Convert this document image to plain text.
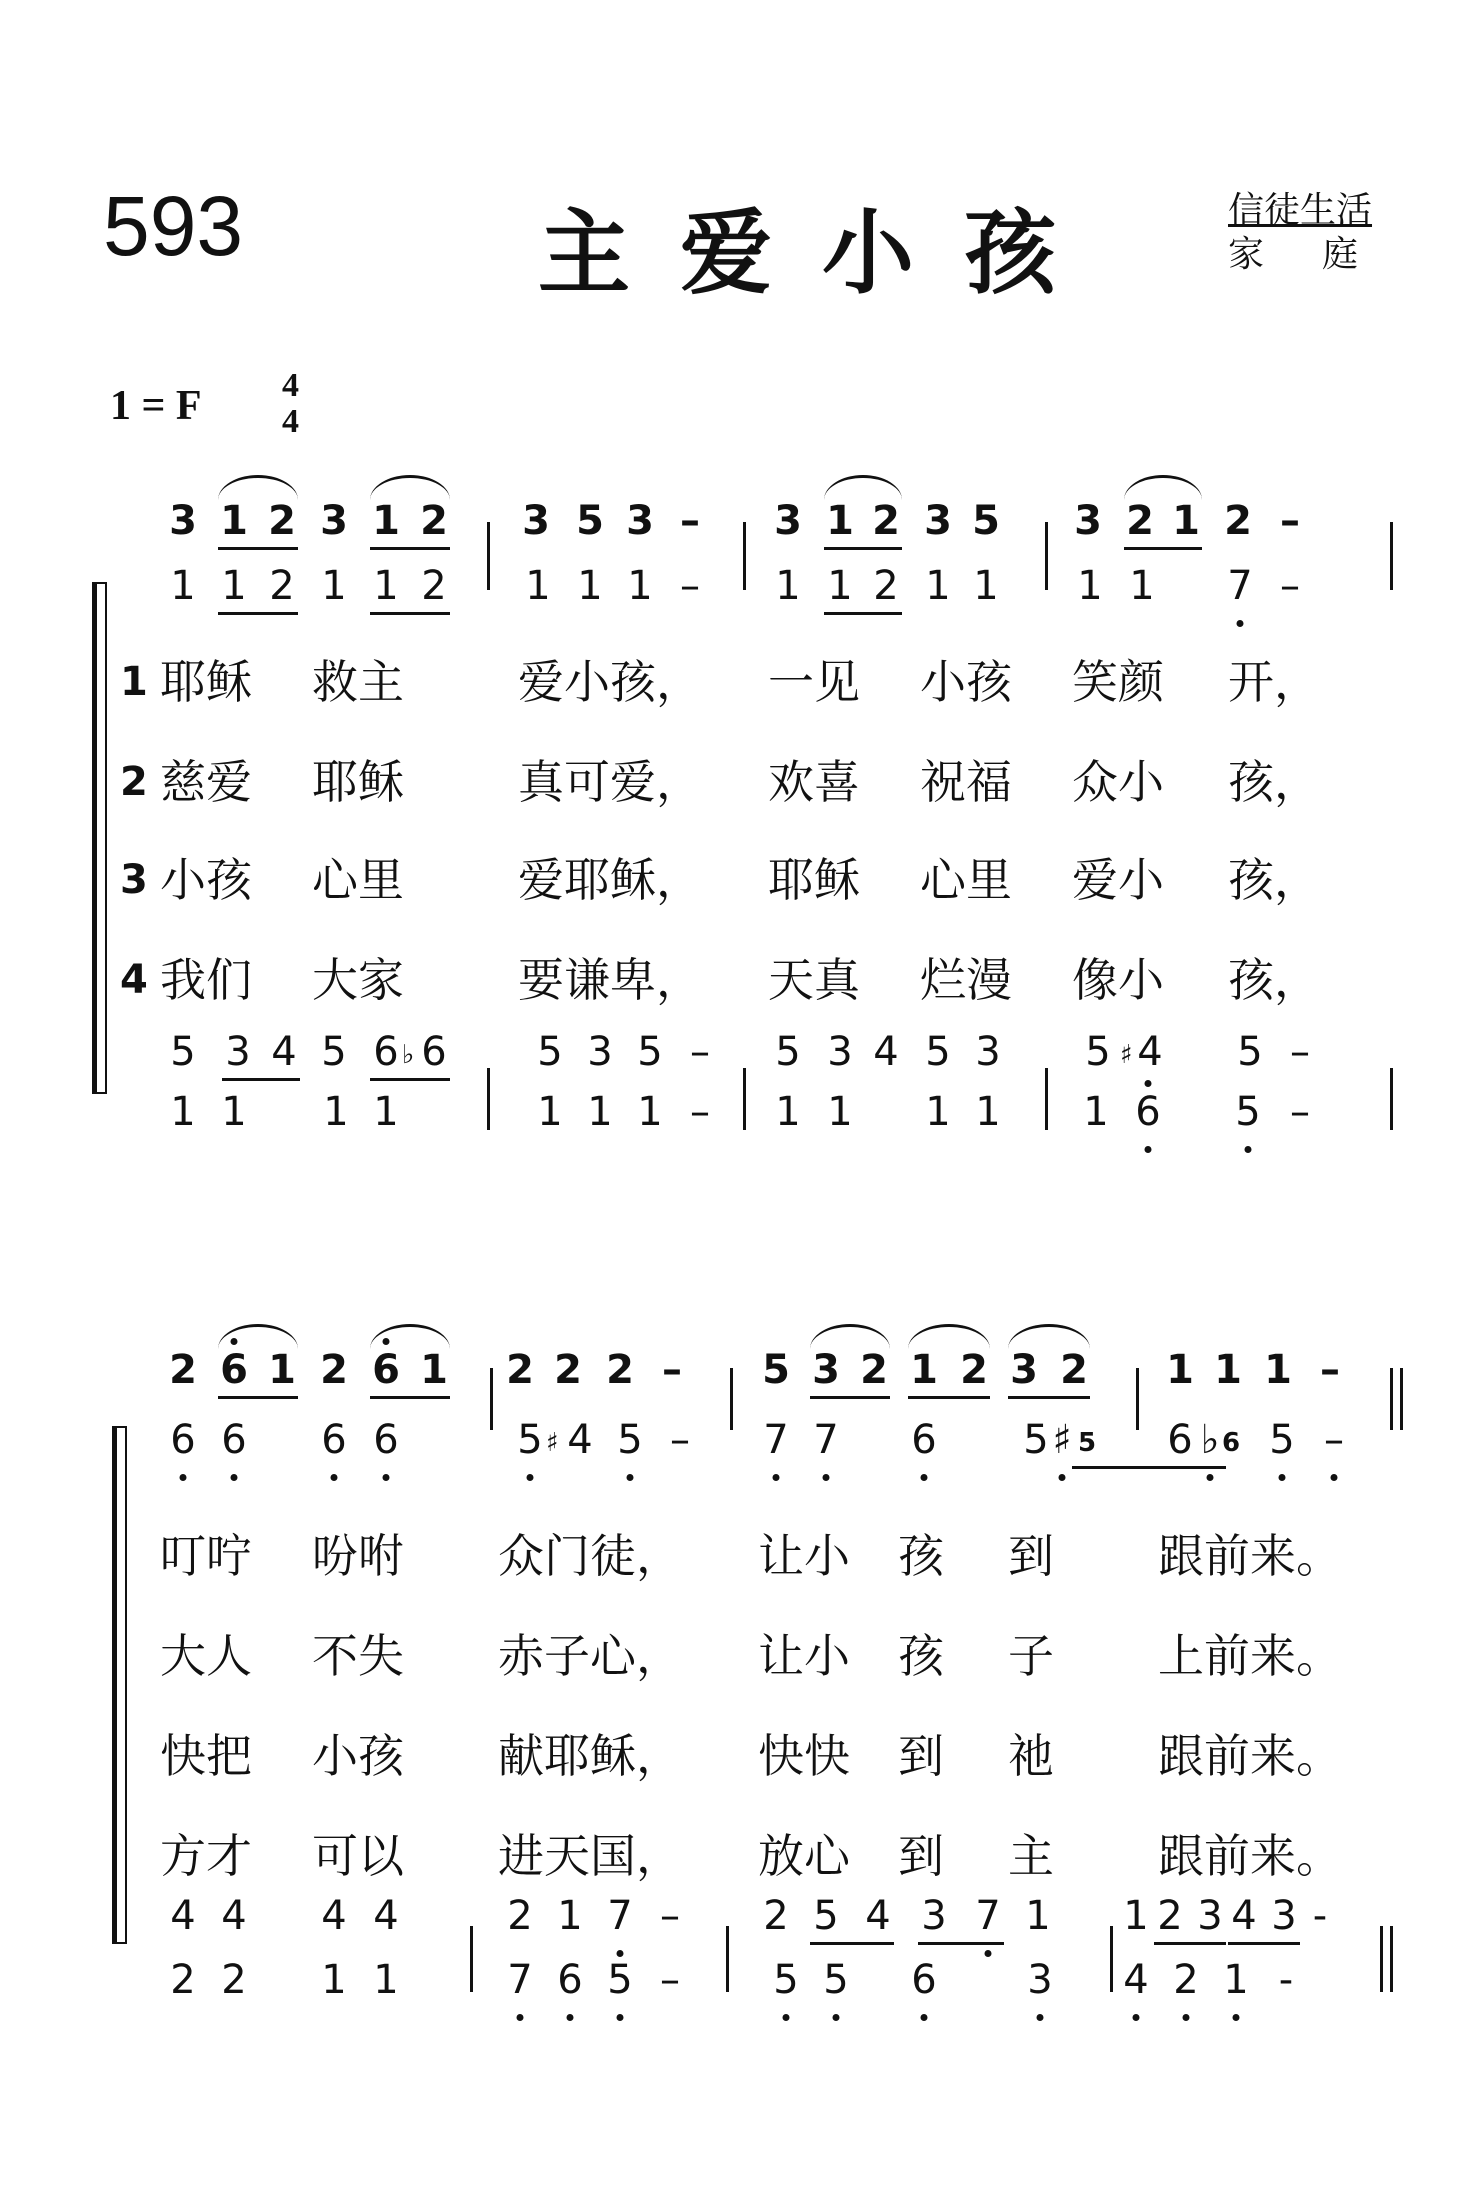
593	主爱小孩	信徒生活
家庭
1 = F 4
4
3 1 2 3 1 2 3 5 3 – 3 1 2 3 5 3 2 1 2 –
1 1 2 1 1 2 1 1 1 – 1 1 2 1 1 1 1 7 –
5 3 4 5 6 ♭ 6 5 3 5 – 5 3 4 5 3 5 ♯ 4 5 –
1 1 1 1	1 1 1 – 1 1 1 1 1 6 5 –
1 耶稣 救主 爱小孩， 一见 小孩 笑颜 开，
2 慈爱 耶稣 真可爱， 欢喜 祝福 众小 孩，
3 小孩 心里 爱耶稣， 耶稣 心里 爱小 孩，
4 我们 大家 要谦卑， 天真 烂漫 像小 孩，
2 6 1 2 6 1 2 2 2 – 5 3 2 1 2 3 2 1 1 1 –
6 6 6 6	5 ♯ 4 5 – 7 7 6 5 ♯ 5 6 ♭ 6 5 –
4 4 4 4	2 1 7 – 2 5 4 3 7 1 1 2 3 4 3 -
2 2 1 1	7 6 5 – 5 5 6 3 4 2 1 -
叮咛 吩咐 众门徒， 让小 孩 到 跟前来。
大人 不失 赤子心， 让小 孩 子 上前来。
快把 小孩 献耶稣， 快快 到 祂 跟前来。
方才 可以 进天国， 放心 到 主 跟前来。
